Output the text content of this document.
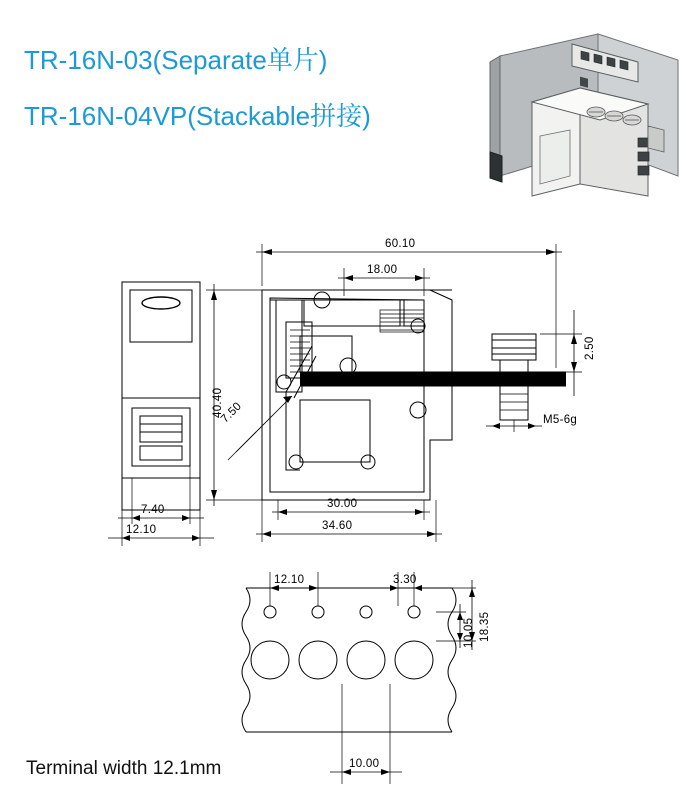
TR-16N-03(Separate单片)
TR-16N-04VP(Stackable拼接)
60.10
18.00
40.40
7.50
2.50
M5-6g
30.00
34.60
7.40
12.10
12.10	3.30
18.35
10.05
10.00
Terminal width 12.1mm
